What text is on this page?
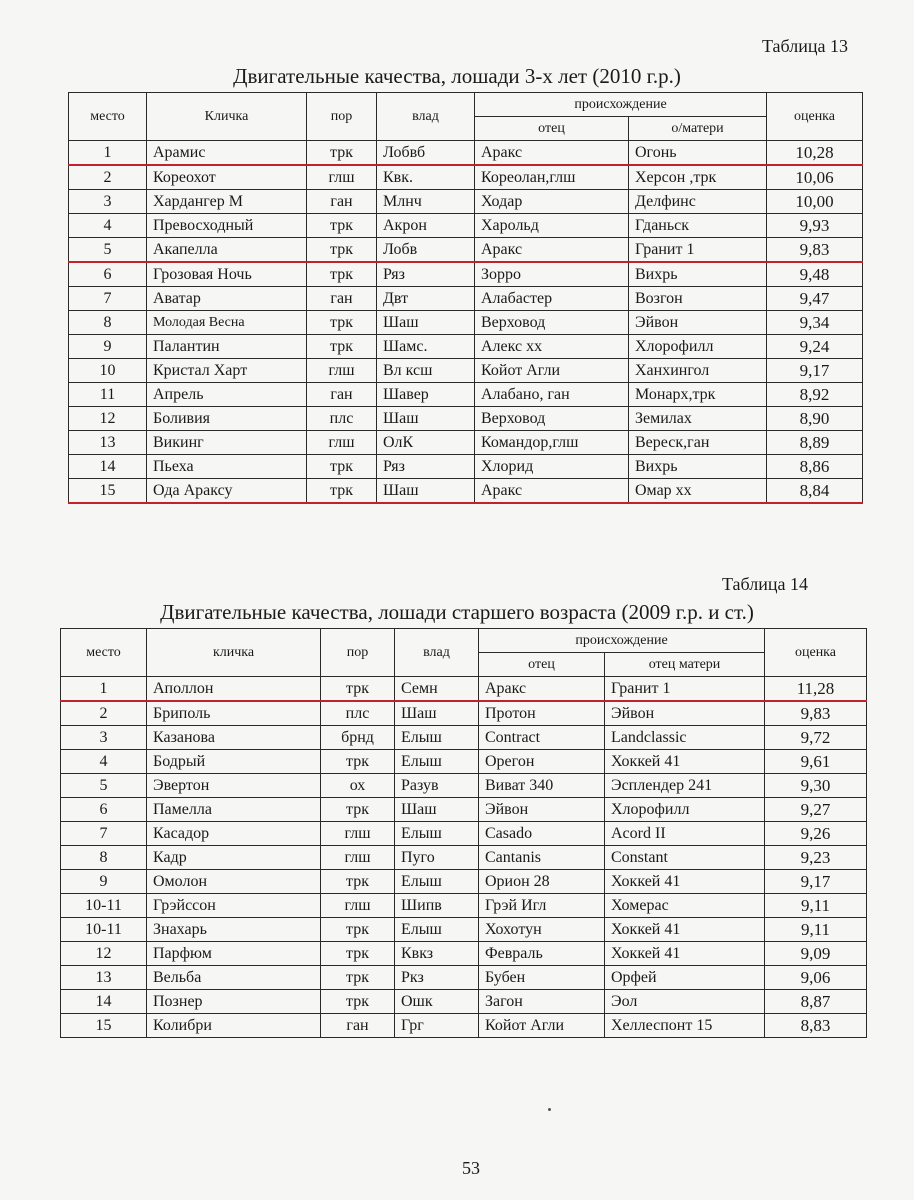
Таблица 13
Двигательные качества, лошади 3-х лет (2010 г.р.)
место	Кличка	пор	влад	происхождение		оценка
				отец	о/матери	
1	Арамис	трк	Лобвб	Аракс	Огонь	10,28
2	Кореохот	глш	Квк.	Кореолан,глш	Херсон ,трк	10,06
3	Хардангер М	ган	Млнч	Ходар	Делфинс	10,00
4	Превосходный	трк	Акрон	Харольд	Гданьск	9,93
5	Акапелла	трк	Лобв	Аракс	Гранит 1	9,83
6	Грозовая Ночь	трк	Ряз	Зорро	Вихрь	9,48
7	Аватар	ган	Двт	Алабастер	Возгон	9,47
8	Молодая Весна	трк	Шаш	Верховод	Эйвон	9,34
9	Палантин	трк	Шамс.	Алекс хх	Хлорофилл	9,24
10	Кристал Харт	глш	Вл ксш	Койот Агли	Ханхингол	9,17
11	Апрель	ган	Шавер	Алабано, ган	Монарх,трк	8,92
12	Боливия	плс	Шаш	Верховод	Земилах	8,90
13	Викинг	глш	ОлК	Командор,глш	Вереск,ган	8,89
14	Пьеха	трк	Ряз	Хлорид	Вихрь	8,86
15	Ода Араксу	трк	Шаш	Аракс	Омар хх	8,84
Таблица 14
Двигательные качества, лошади старшего возраста (2009 г.р. и ст.)
место	кличка	пор	влад	происхождение		оценка
				отец	отец матери	
1	Аполлон	трк	Семн	Аракс	Гранит 1	11,28
2	Бриполь	плс	Шаш	Протон	Эйвон	9,83
3	Казанова	брнд	Елыш	Contract	Landclassic	9,72
4	Бодрый	трк	Елыш	Орегон	Хоккей 41	9,61
5	Эвертон	ох	Разув	Виват 340	Эсплендер 241	9,30
6	Памелла	трк	Шаш	Эйвон	Хлорофилл	9,27
7	Касадор	глш	Елыш	Casado	Acord II	9,26
8	Кадр	глш	Пуго	Cantanis	Constant	9,23
9	Омолон	трк	Елыш	Орион 28	Хоккей 41	9,17
10-11	Грэйссон	глш	Шипв	Грэй Игл	Хомерас	9,11
10-11	Знахарь	трк	Елыш	Хохотун	Хоккей 41	9,11
12	Парфюм	трк	Квкз	Февраль	Хоккей 41	9,09
13	Вельба	трк	Ркз	Бубен	Орфей	9,06
14	Познер	трк	Ошк	Загон	Эол	8,87
15	Колибри	ган	Грг	Койот Агли	Хеллеспонт 15	8,83
53
